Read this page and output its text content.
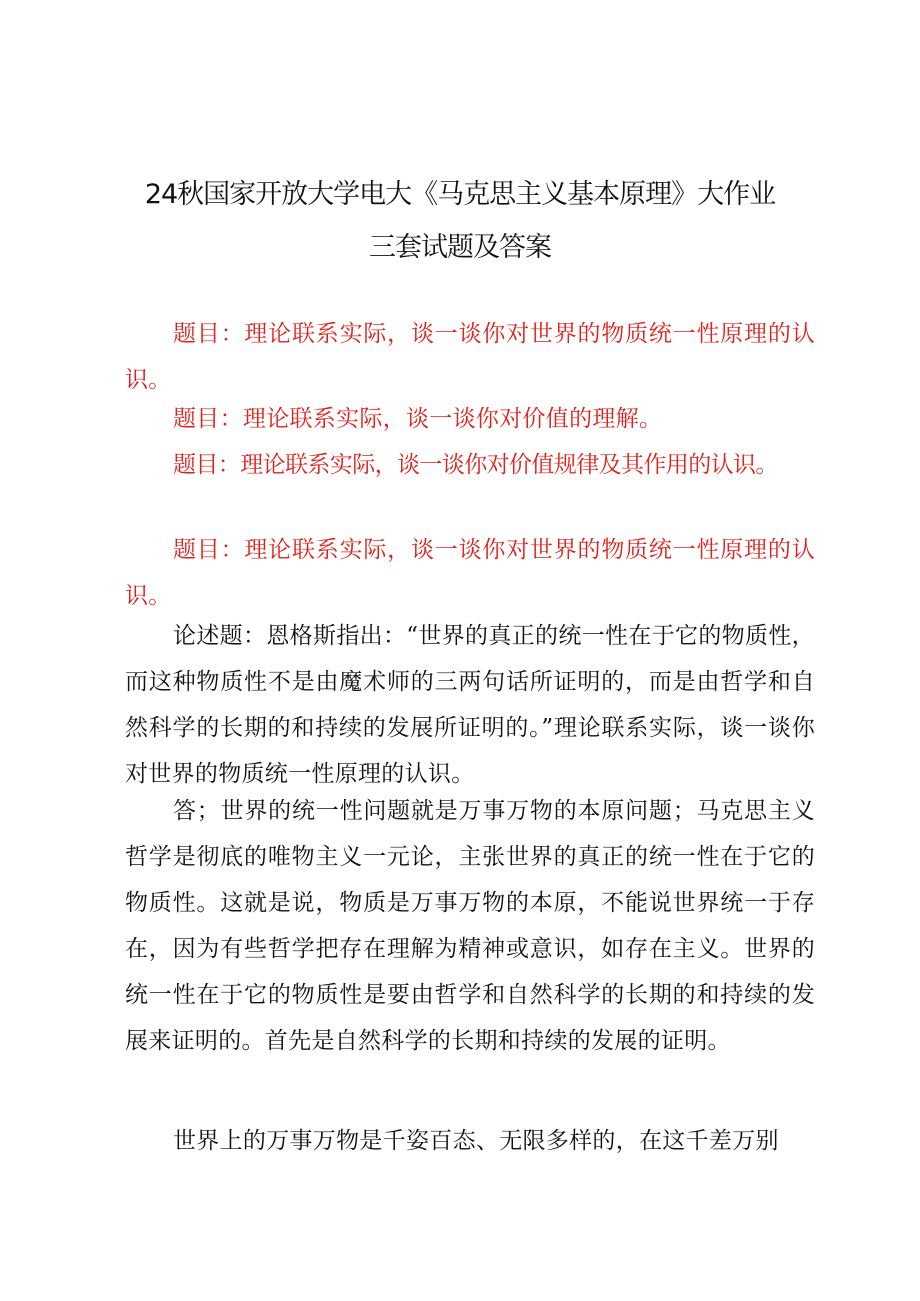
24秋国家开放大学电大《马克思主义基本原理》大作业
三套试题及答案

题目：理论联系实际，谈一谈你对世界的物质统一性原理的认识。

题目：理论联系实际，谈一谈你对价值的理解。

题目：理论联系实际，谈一谈你对价值规律及其作用的认识。

题目：理论联系实际，谈一谈你对世界的物质统一性原理的认识。

论述题：恩格斯指出：“世界的真正的统一性在于它的物质性，而这种物质性不是由魔术师的三两句话所证明的，而是由哲学和自然科学的长期的和持续的发展所证明的。”理论联系实际，谈一谈你对世界的物质统一性原理的认识。

答；世界的统一性问题就是万事万物的本原问题；马克思主义哲学是彻底的唯物主义一元论，主张世界的真正的统一性在于它的物质性。这就是说，物质是万事万物的本原，不能说世界统一于存在，因为有些哲学把存在理解为精神或意识，如存在主义。世界的统一性在于它的物质性是要由哲学和自然科学的长期的和持续的发展来证明的。首先是自然科学的长期和持续的发展的证明。

世界上的万事万物是千姿百态、无限多样的，在这千差万别
